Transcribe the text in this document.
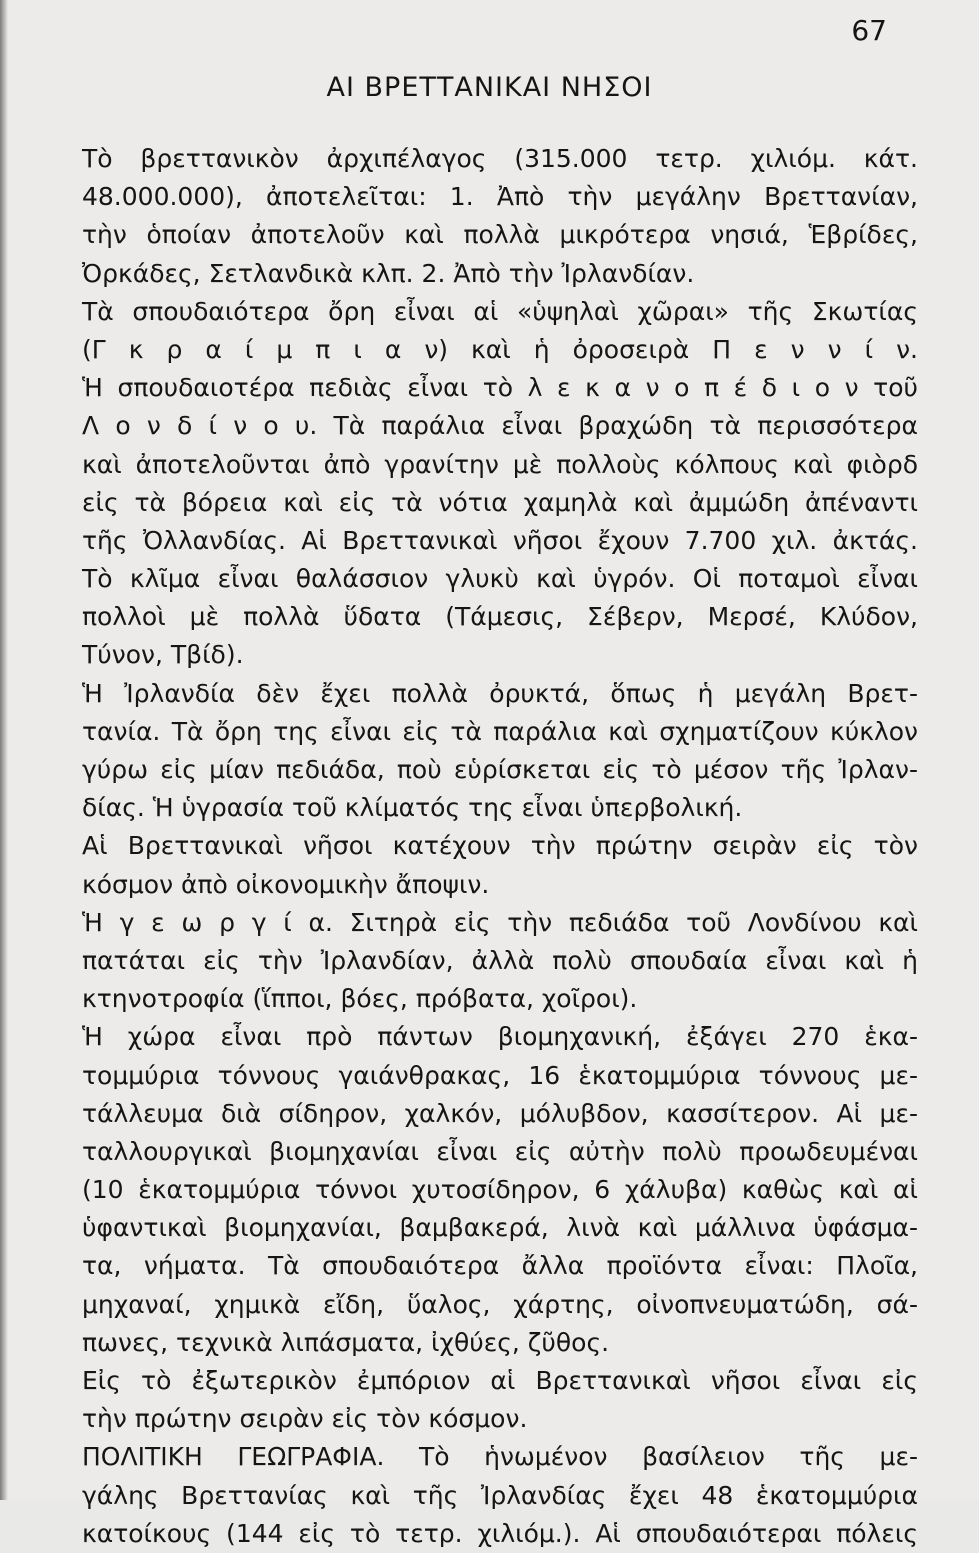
67
ΑΙ ΒΡΕΤΤΑΝΙΚΑΙ ΝΗΣΟΙ
Τὸ βρεττανικὸν ἀρχιπέλαγος (315.000 τετρ. χιλιόμ. κάτ.
48.000.000), ἀποτελεῖται: 1. Ἀπὸ τὴν μεγάλην Βρεττανίαν,
τὴν ὁποίαν ἀποτελοῦν καὶ πολλὰ μικρότερα νησιά, Ἑβρίδες,
Ὀρκάδες, Σετλανδικὰ κλπ. 2. Ἀπὸ τὴν Ἰρλανδίαν.
Τὰ σπουδαιότερα ὄρη εἶναι αἱ «ὑψηλαὶ χῶραι» τῆς Σκωτίας
(Γ κ ρ α ί μ π ι α ν) καὶ ἡ ὀροσειρὰ Π ε ν ν ί ν.
Ἡ σπουδαιοτέρα πεδιὰς εἶναι τὸ λ ε κ α ν ο π έ δ ι ο ν τοῦ
Λ ο ν δ ί ν ο υ. Τὰ παράλια εἶναι βραχώδη τὰ περισσότερα
καὶ ἀποτελοῦνται ἀπὸ γρανίτην μὲ πολλοὺς κόλπους καὶ φιὸρδ
εἰς τὰ βόρεια καὶ εἰς τὰ νότια χαμηλὰ καὶ ἀμμώδη ἀπέναντι
τῆς Ὀλλανδίας. Αἱ Βρεττανικαὶ νῆσοι ἔχουν 7.700 χιλ. ἀκτάς.
Τὸ κλῖμα εἶναι θαλάσσιον γλυκὺ καὶ ὑγρόν. Οἱ ποταμοὶ εἶναι
πολλοὶ μὲ πολλὰ ὕδατα (Τάμεσις, Σέβερν, Μερσέ, Κλύδον,
Τύνον, Τβίδ).
Ἡ Ἰρλανδία δὲν ἔχει πολλὰ ὀρυκτά, ὅπως ἡ μεγάλη Βρετ-
τανία. Τὰ ὄρη της εἶναι εἰς τὰ παράλια καὶ σχηματίζουν κύκλον
γύρω εἰς μίαν πεδιάδα, ποὺ εὑρίσκεται εἰς τὸ μέσον τῆς Ἰρλαν-
δίας. Ἡ ὑγρασία τοῦ κλίματός της εἶναι ὑπερβολική.
Αἱ Βρεττανικαὶ νῆσοι κατέχουν τὴν πρώτην σειρὰν εἰς τὸν
κόσμον ἀπὸ οἰκονομικὴν ἄποψιν.
Ἡ γ ε ω ρ γ ί α. Σιτηρὰ εἰς τὴν πεδιάδα τοῦ Λονδίνου καὶ
πατάται εἰς τὴν Ἰρλανδίαν, ἀλλὰ πολὺ σπουδαία εἶναι καὶ ἡ
κτηνοτροφία (ἵπποι, βόες, πρόβατα, χοῖροι).
Ἡ χώρα εἶναι πρὸ πάντων βιομηχανική, ἐξάγει 270 ἑκα-
τομμύρια τόννους γαιάνθρακας, 16 ἑκατομμύρια τόννους με-
τάλλευμα διὰ σίδηρον, χαλκόν, μόλυβδον, κασσίτερον. Αἱ με-
ταλλουργικαὶ βιομηχανίαι εἶναι εἰς αὐτὴν πολὺ προωδευμέναι
(10 ἑκατομμύρια τόννοι χυτοσίδηρον, 6 χάλυβα) καθὼς καὶ αἱ
ὑφαντικαὶ βιομηχανίαι, βαμβακερά, λινὰ καὶ μάλλινα ὑφάσμα-
τα, νήματα. Τὰ σπουδαιότερα ἄλλα προϊόντα εἶναι: Πλοῖα,
μηχαναί, χημικὰ εἴδη, ὕαλος, χάρτης, οἰνοπνευματώδη, σά-
πωνες, τεχνικὰ λιπάσματα, ἰχθύες, ζῦθος.
Εἰς τὸ ἐξωτερικὸν ἐμπόριον αἱ Βρεττανικαὶ νῆσοι εἶναι εἰς
τὴν πρώτην σειρὰν εἰς τὸν κόσμον.
ΠΟΛΙΤΙΚΗ ΓΕΩΓΡΑΦΙΑ. Τὸ ἡνωμένον βασίλειον τῆς με-
γάλης Βρεττανίας καὶ τῆς Ἰρλανδίας ἔχει 48 ἑκατομμύρια
κατοίκους (144 εἰς τὸ τετρ. χιλιόμ.). Αἱ σπουδαιότεραι πόλεις
